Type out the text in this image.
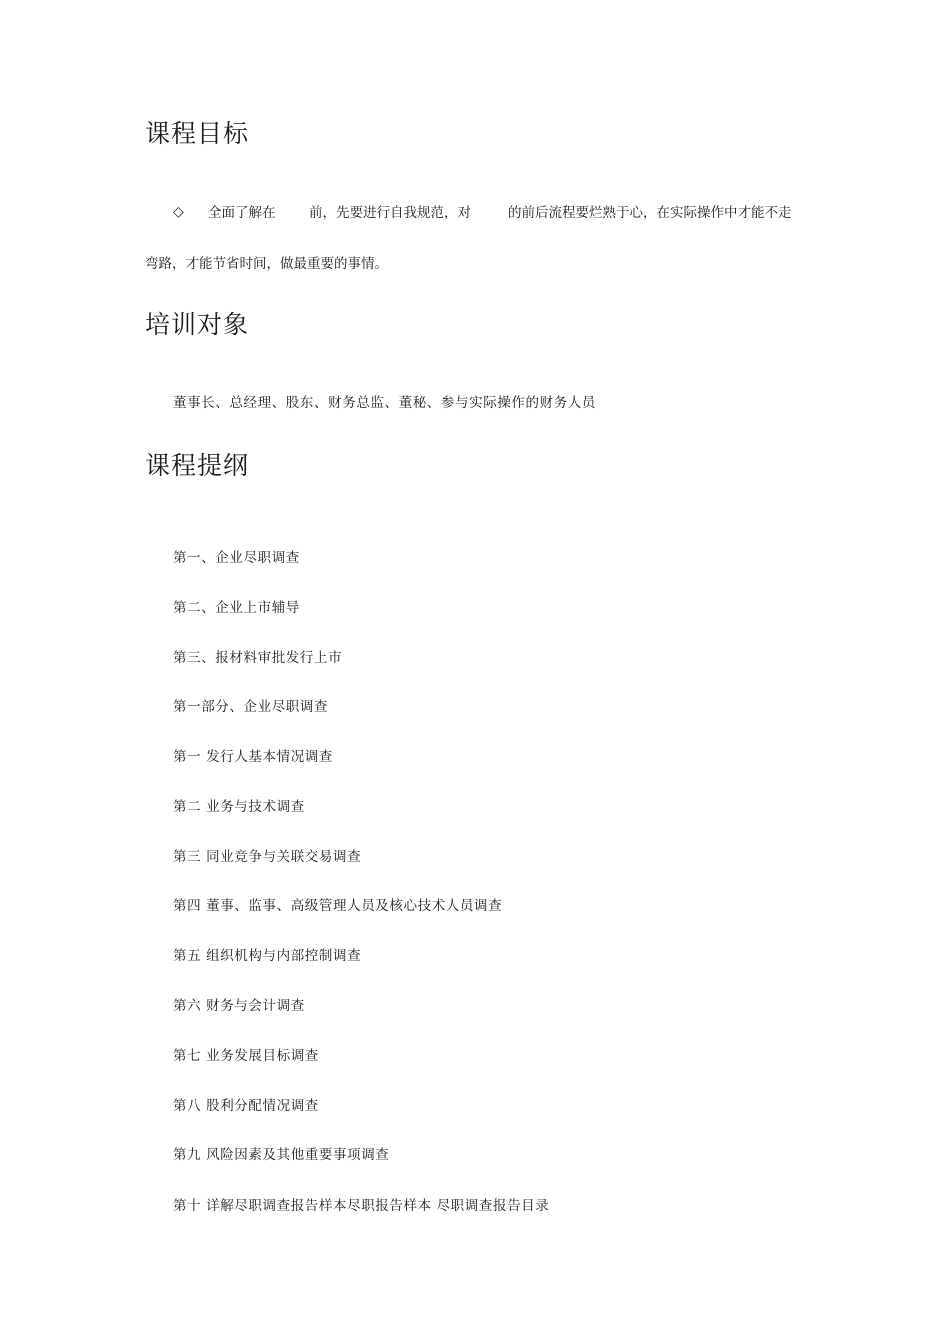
课程目标
◇ 全面了解在 前，先要进行自我规范，对	的前后流程要烂熟于心，在实际操作中才能不走

弯路，才能节省时间，做最重要的事情。

培训对象

董事长、总经理、股东、财务总监、董秘、参与实际操作的财务人员

课程提纲

第一、企业尽职调查

第二、企业上市辅导

第三、报材料审批发行上市

第一部分、企业尽职调查

第一 发行人基本情况调查

第二 业务与技术调查

第三 同业竞争与关联交易调查

第四 董事、监事、高级管理人员及核心技术人员调查

第五 组织机构与内部控制调查

第六 财务与会计调查

第七 业务发展目标调查

第八 股利分配情况调查

第九 风险因素及其他重要事项调查

第十 详解尽职调查报告样本尽职报告样本 尽职调查报告目录
